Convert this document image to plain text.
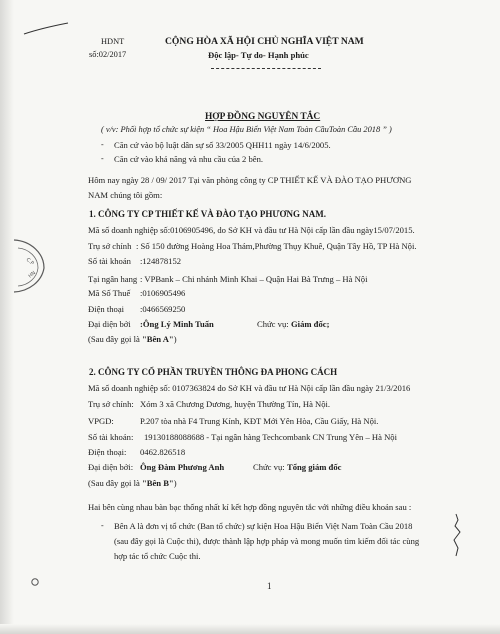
HDNT
số:02/2017
CỘNG HÒA XÃ HỘI CHỦ NGHĨA VIỆT NAM
Độc lập- Tự do- Hạnh phúc
HỢP ĐỒNG NGUYÊN TẮC
( v/v: Phối hợp tổ chức sự kiện “ Hoa Hậu Biển Việt Nam Toàn CầuToàn Cầu 2018 ” )
- Căn cứ vào bộ luật dân sự số 33/2005 QHH11 ngày 14/6/2005.
- Căn cứ vào khả năng và nhu cầu của 2 bên.
Hôm nay ngày 28 / 09/ 2017 Tại văn phòng công ty CP THIẾT KẾ VÀ ĐÀO TẠO PHƯƠNG
NAM chúng tôi gồm:
1. CÔNG TY CP THIẾT KẾ VÀ ĐÀO TẠO PHƯƠNG NAM.
Mã số doanh nghiệp số:0106905496, do Sở KH và đầu tư Hà Nội cấp lần đầu ngày15/07/2015.
Trụ sở chính : Số 150 đường Hoàng Hoa Thám,Phường Thụy Khuê, Quận Tây Hồ, TP Hà Nội.
Số tài khoản :124878152
Tại ngân hang : VPBank – Chi nhánh Minh Khai – Quận Hai Bà Trưng – Hà Nội
Mã Số Thuế :0106905496
Điện thoại :0466569250
Đại diện bởi :Ông Lý Minh Tuấn	Chức vụ: Giám đốc;
(Sau đây gọi là "Bên A")
2. CÔNG TY CỔ PHẦN TRUYỀN THÔNG ĐA PHONG CÁCH
Mã số doanh nghiệp số: 0107363824 do Sở KH và đầu tư Hà Nội cấp lần đầu ngày 21/3/2016
Trụ sở chính: Xóm 3 xã Chương Dương, huyện Thường Tín, Hà Nội.
VPGD:	P.207 tòa nhà F4 Trung Kính, KĐT Mới Yên Hòa, Cầu Giấy, Hà Nội.
Số tài khoản: 19130188088688 - Tại ngân hàng Techcombank CN Trung Yên – Hà Nội
Điện thoại: 0462.826518
Đại diện bởi: Ông Đàm Phương Anh	Chức vụ: Tổng giám đốc
(Sau đây gọi là "Bên B")
Hai bên cùng nhau bàn bạc thống nhất kí kết hợp đồng nguyên tắc với những điều khoản sau :
- Bên A là đơn vị tổ chức (Ban tổ chức) sự kiện Hoa Hậu Biển Việt Nam Toàn Cầu 2018
(sau đây gọi là Cuộc thi), được thành lập hợp pháp và mong muốn tìm kiếm đối tác cùng
hợp tác tổ chức Cuộc thi.
1
C.P
HN
